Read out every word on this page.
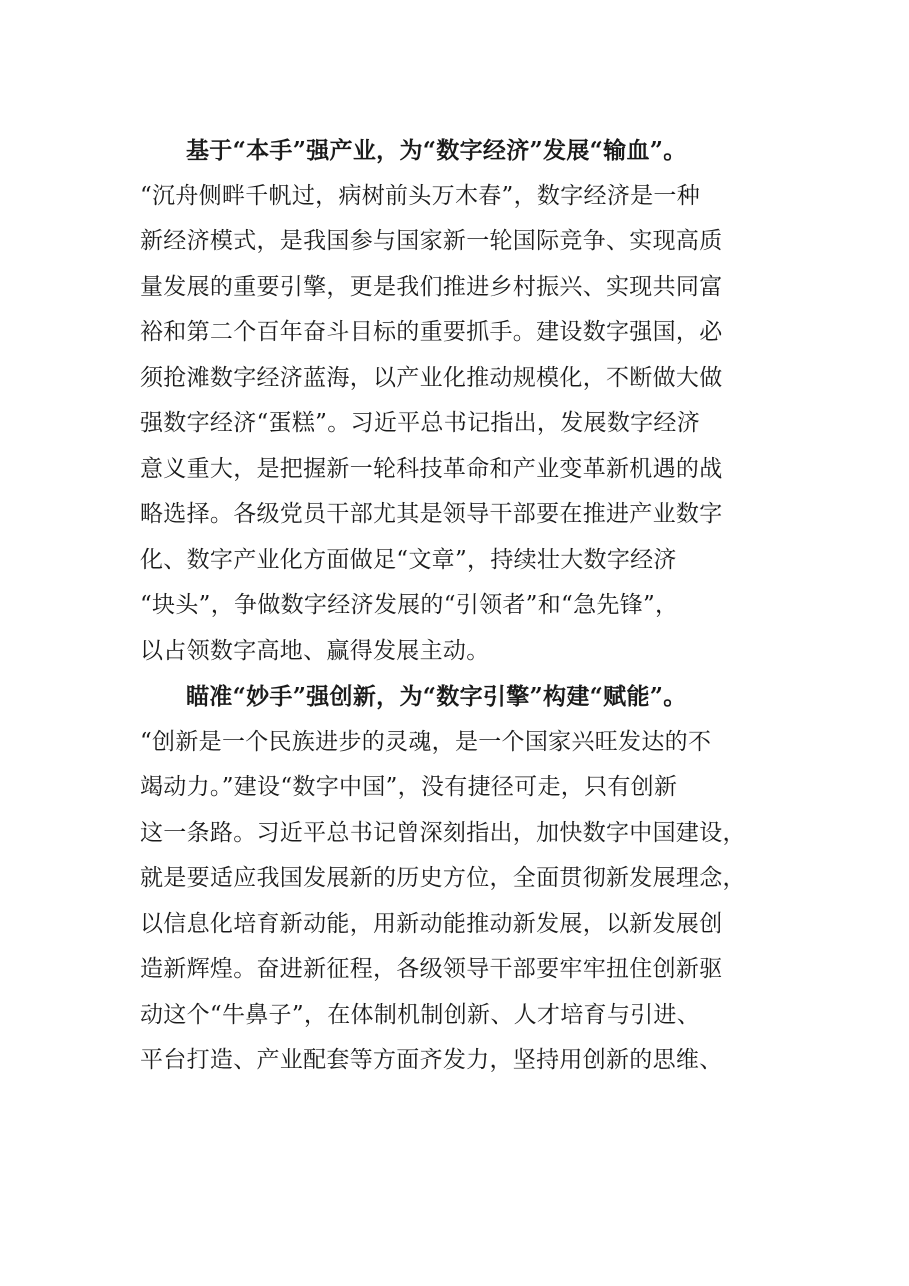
基于“本手”强产业，为“数字经济”发展“输血”。
“沉舟侧畔千帆过，病树前头万木春”，数字经济是一种
新经济模式，是我国参与国家新一轮国际竞争、实现高质
量发展的重要引擎，更是我们推进乡村振兴、实现共同富
裕和第二个百年奋斗目标的重要抓手。建设数字强国，必
须抢滩数字经济蓝海，以产业化推动规模化，不断做大做
强数字经济“蛋糕”。习近平总书记指出，发展数字经济
意义重大，是把握新一轮科技革命和产业变革新机遇的战
略选择。各级党员干部尤其是领导干部要在推进产业数字
化、数字产业化方面做足“文章”，持续壮大数字经济
“块头”，争做数字经济发展的“引领者”和“急先锋”，
以占领数字高地、赢得发展主动。
瞄准“妙手”强创新，为“数字引擎”构建“赋能”。
“创新是一个民族进步的灵魂，是一个国家兴旺发达的不
竭动力。”建设“数字中国”，没有捷径可走，只有创新
这一条路。习近平总书记曾深刻指出，加快数字中国建设，
就是要适应我国发展新的历史方位，全面贯彻新发展理念，
以信息化培育新动能，用新动能推动新发展，以新发展创
造新辉煌。奋进新征程，各级领导干部要牢牢扭住创新驱
动这个“牛鼻子”，在体制机制创新、人才培育与引进、
平台打造、产业配套等方面齐发力，坚持用创新的思维、
